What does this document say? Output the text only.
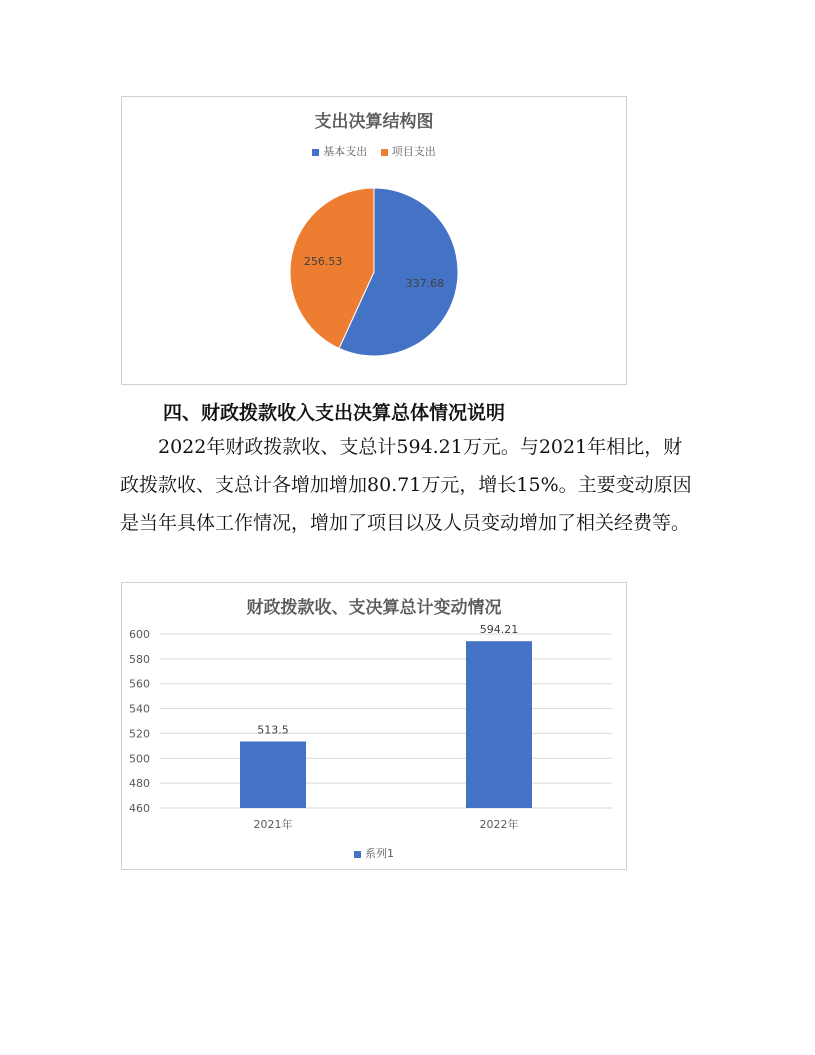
支出决算结构图
基本支出 项目支出
337.68
256.53
四、财政拨款收入支出决算总体情况说明
2022年财政拨款收、支总计594.21万元。与2021年相比，财政拨款收、支总计各增加增加80.71万元，增长15%。主要变动原因是当年具体工作情况，增加了项目以及人员变动增加了相关经费等。
财政拨款收、支决算总计变动情况
460
480
500
520
540
560
580
600
513.5
2021年
594.21
2022年
系列1
